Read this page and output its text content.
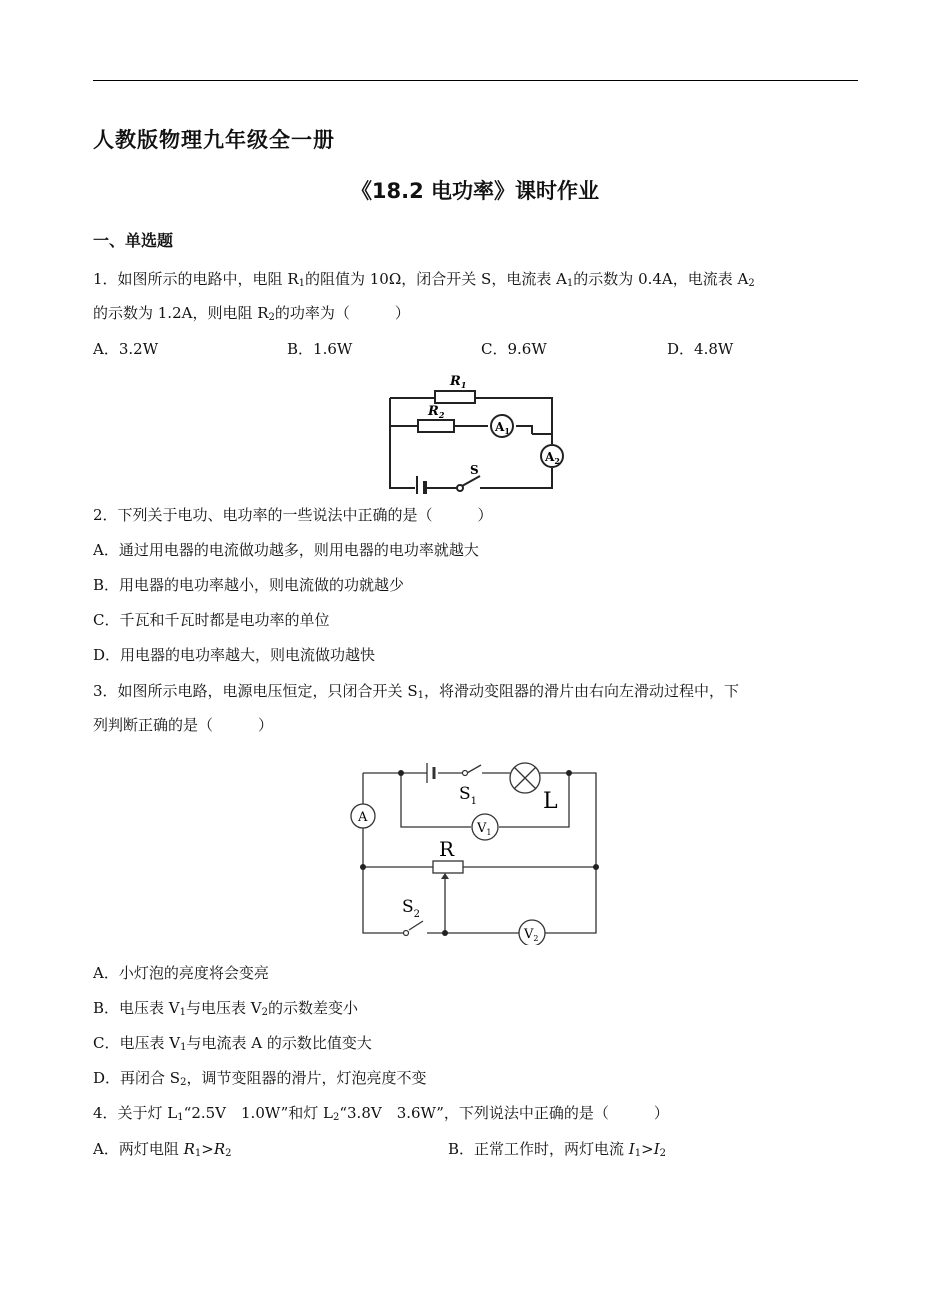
人教版物理九年级全一册
《18.2 电功率》课时作业
一、单选题
1．如图所示的电路中，电阻 $R_1$的阻值为 10Ω，闭合开关 S，电流表 $A_1$的示数为 0.4A，电流表 $A_2$
的示数为 1.2A，则电阻 $R_2$的功率为（　　　）
A．3.2W	B．1.6W	C．9.6W	D．4.8W
$R_1$
$R_2$
$A_1$
$A_2$
S
2．下列关于电功、电功率的一些说法中正确的是（　　　）
A．通过用电器的电流做功越多，则用电器的电功率就越大
B．用电器的电功率越小，则电流做的功就越少
C．千瓦和千瓦时都是电功率的单位
D．用电器的电功率越大，则电流做功越快
3．如图所示电路，电源电压恒定，只闭合开关 $S_1$，将滑动变阻器的滑片由右向左滑动过程中，下
列判断正确的是（　　　）
A
$S_1$	L
$V_1$
R
$S_2$
$V_2$
A．小灯泡的亮度将会变亮
B．电压表 $V_1$与电压表 $V_2$的示数差变小
C．电压表 $V_1$与电流表 A 的示数比值变大
D．再闭合 $S_2$，调节变阻器的滑片，灯泡亮度不变
4．关于灯 $L_1“2.5V$　1.0W”和灯 $L_2“3.8V$　3.6W”，下列说法中正确的是（　　　）
A．两灯电阻 $R_1>R_2$	B．正常工作时，两灯电流 $I_1>I_2$
